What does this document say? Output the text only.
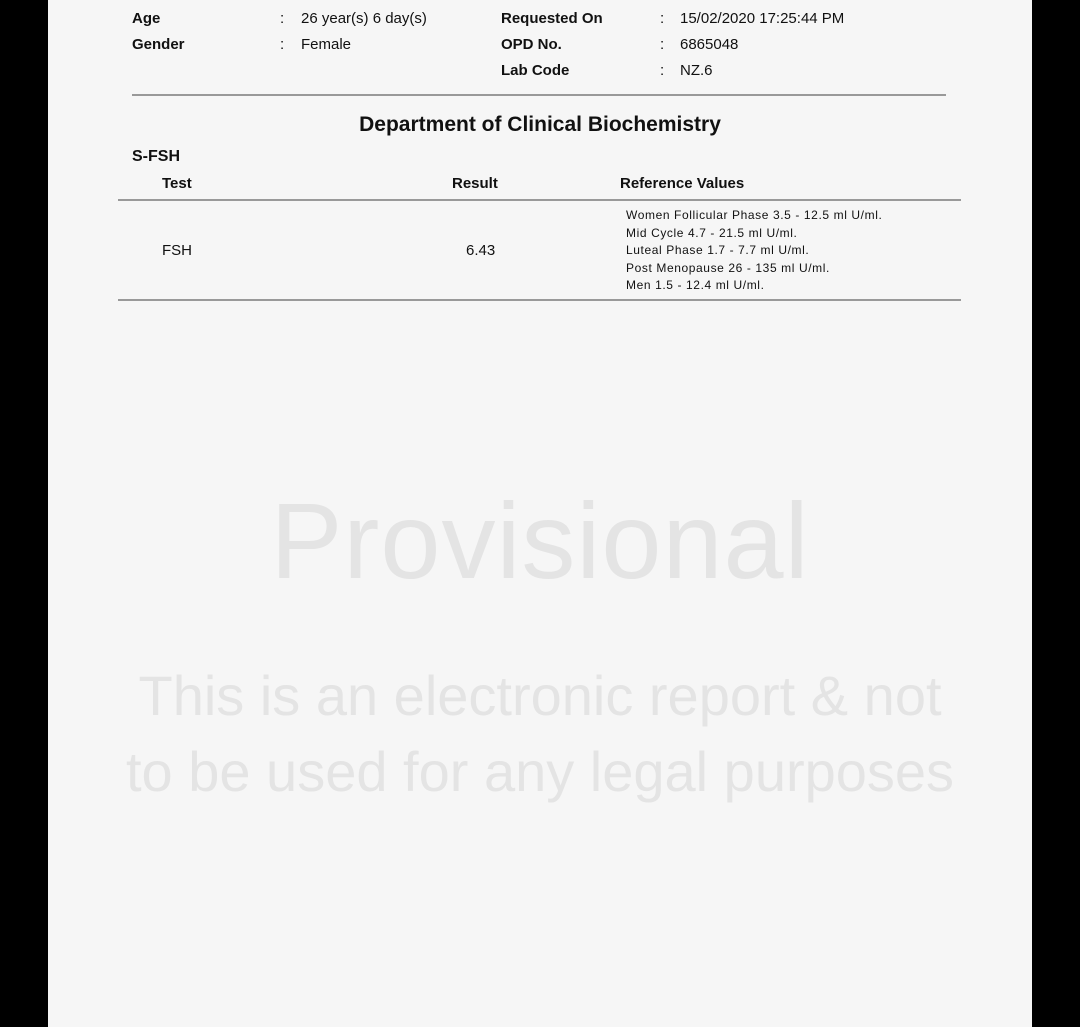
Age	: 26 year(s) 6 day(s)
Gender	: Female
Requested On	: 15/02/2020 17:25:44 PM
OPD No.	: 6865048
Lab Code	: NZ.6
Department of Clinical Biochemistry
S-FSH
Test	Result	Reference Values
FSH	6.43
Women Follicular Phase 3.5 - 12.5 ml U/ml.
Mid Cycle 4.7 - 21.5 ml U/ml.
Luteal Phase 1.7 - 7.7 ml U/ml.
Post Menopause 26 - 135 ml U/ml.
Men 1.5 - 12.4 ml U/ml.
Provisional
This is an electronic report & not
to be used for any legal purposes
